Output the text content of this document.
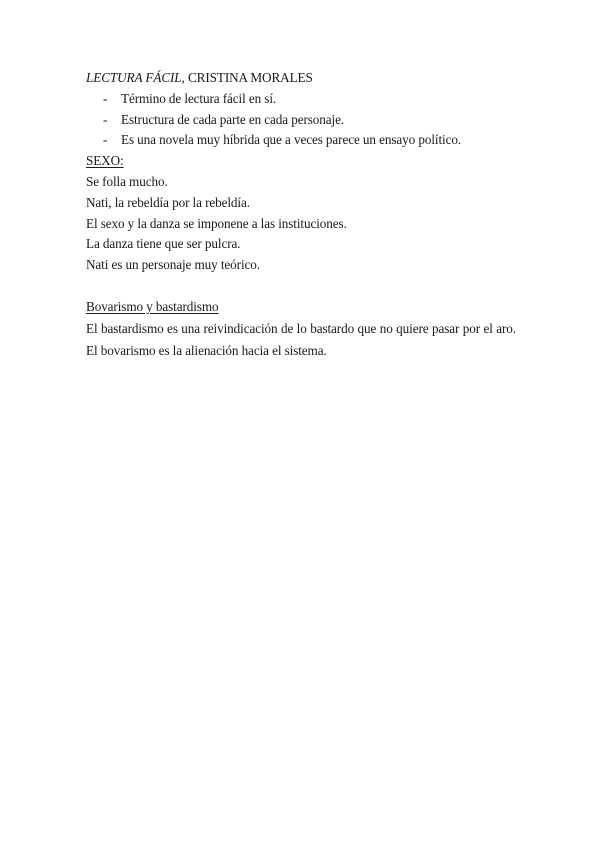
LECTURA FÁCIL, CRISTINA MORALES

- Término de lectura fácil en sí.
- Estructura de cada parte en cada personaje.
- Es una novela muy híbrida que a veces parece un ensayo político.

SEXO:

Se folla mucho.

Nati, la rebeldía por la rebeldía.

El sexo y la danza se imponene a las instituciones.

La danza tiene que ser pulcra.

Nati es un personaje muy teórico.

Bovarismo y bastardismo

El bastardismo es una reivindicación de lo bastardo que no quiere pasar por el aro. El bovarismo es la alienación hacia el sistema.
